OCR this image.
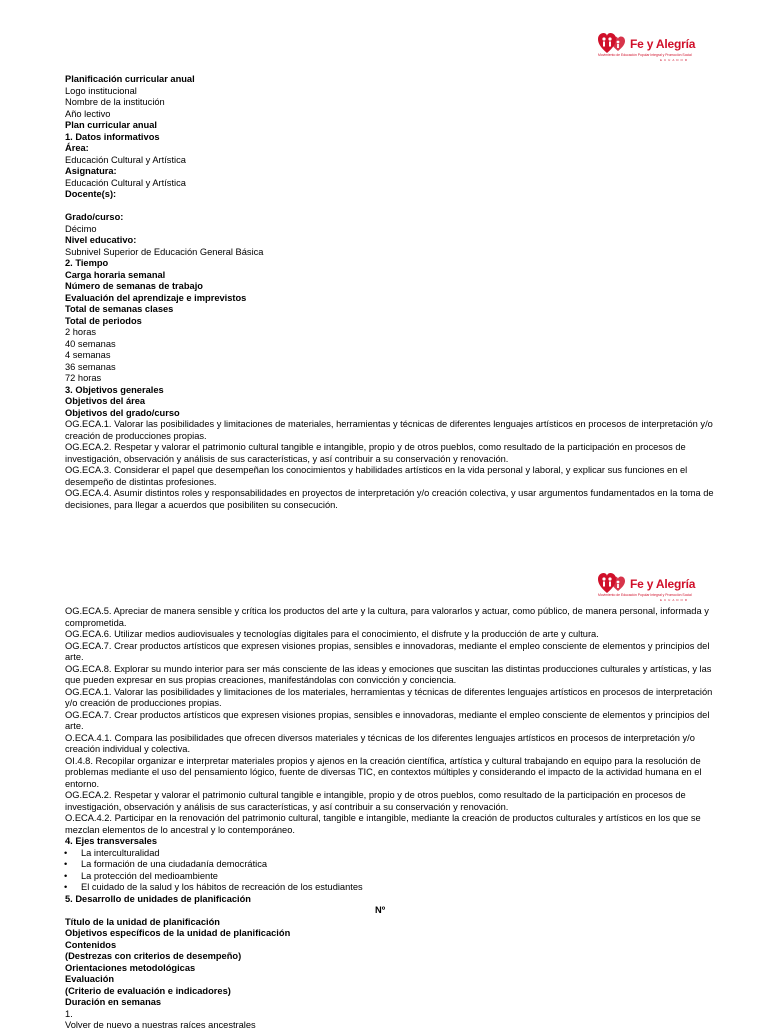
Fe y Alegría
Movimiento de Educación Popular Integral y Promoción Social
ECUADOR
Planificación curricular anual
Logo institucional
Nombre de la institución
Año lectivo
Plan curricular anual
1. Datos informativos
Área:
Educación Cultural y Artística
Asignatura:
Educación Cultural y Artística
Docente(s):
Grado/curso:
Décimo
Nivel educativo:
Subnivel Superior de Educación General Básica
2. Tiempo
Carga horaria semanal
Número de semanas de trabajo
Evaluación del aprendizaje e imprevistos
Total de semanas clases
Total de periodos
2 horas
40 semanas
4 semanas
36 semanas
72 horas
3. Objetivos generales
Objetivos del área
Objetivos del grado/curso
OG.ECA.1. Valorar las posibilidades y limitaciones de materiales, herramientas y técnicas de diferentes lenguajes artísticos en procesos de interpretación y/o creación de producciones propias.
OG.ECA.2. Respetar y valorar el patrimonio cultural tangible e intangible, propio y de otros pueblos, como resultado de la participación en procesos de investigación, observación y análisis de sus características, y así contribuir a su conservación y renovación.
OG.ECA.3. Considerar el papel que desempeñan los conocimientos y habilidades artísticos en la vida personal y laboral, y explicar sus funciones en el desempeño de distintas profesiones.
OG.ECA.4. Asumir distintos roles y responsabilidades en proyectos de interpretación y/o creación colectiva, y usar argumentos fundamentados en la toma de decisiones, para llegar a acuerdos que posibiliten su consecución.
Fe y Alegría
Movimiento de Educación Popular Integral y Promoción Social
ECUADOR
OG.ECA.5. Apreciar de manera sensible y crítica los productos del arte y la cultura, para valorarlos y actuar, como público, de manera personal, informada y comprometida.
OG.ECA.6. Utilizar medios audiovisuales y tecnologías digitales para el conocimiento, el disfrute y la producción de arte y cultura.
OG.ECA.7. Crear productos artísticos que expresen visiones propias, sensibles e innovadoras, mediante el empleo consciente de elementos y principios del arte.
OG.ECA.8. Explorar su mundo interior para ser más consciente de las ideas y emociones que suscitan las distintas producciones culturales y artísticas, y las que pueden expresar en sus propias creaciones, manifestándolas con convicción y conciencia.
OG.ECA.1. Valorar las posibilidades y limitaciones de los materiales, herramientas y técnicas de diferentes lenguajes artísticos en procesos de interpretación y/o creación de producciones propias.
OG.ECA.7. Crear productos artísticos que expresen visiones propias, sensibles e innovadoras, mediante el empleo consciente de elementos y principios del arte.
O.ECA.4.1. Compara las posibilidades que ofrecen diversos materiales y técnicas de los diferentes lenguajes artísticos en procesos de interpretación y/o creación individual y colectiva.
OI.4.8. Recopilar organizar e interpretar materiales propios y ajenos en la creación científica, artística y cultural trabajando en equipo para la resolución de problemas mediante el uso del pensamiento lógico, fuente de diversas TIC, en contextos múltiples y considerando el impacto de la actividad humana en el entorno.
OG.ECA.2. Respetar y valorar el patrimonio cultural tangible e intangible, propio y de otros pueblos, como resultado de la participación en procesos de investigación, observación y análisis de sus características, y así contribuir a su conservación y renovación.
O.ECA.4.2. Participar en la renovación del patrimonio cultural, tangible e intangible, mediante la creación de productos culturales y artísticos en los que se mezclan elementos de lo ancestral y lo contemporáneo.
4. Ejes transversales
• La interculturalidad
• La formación de una ciudadanía democrática
• La protección del medioambiente
• El cuidado de la salud y los hábitos de recreación de los estudiantes
5. Desarrollo de unidades de planificación
Nº
Título de la unidad de planificación
Objetivos específicos de la unidad de planificación
Contenidos
(Destrezas con criterios de desempeño)
Orientaciones metodológicas
Evaluación
(Criterio de evaluación e indicadores)
Duración en semanas
1.
Volver de nuevo a nuestras raíces ancestrales
